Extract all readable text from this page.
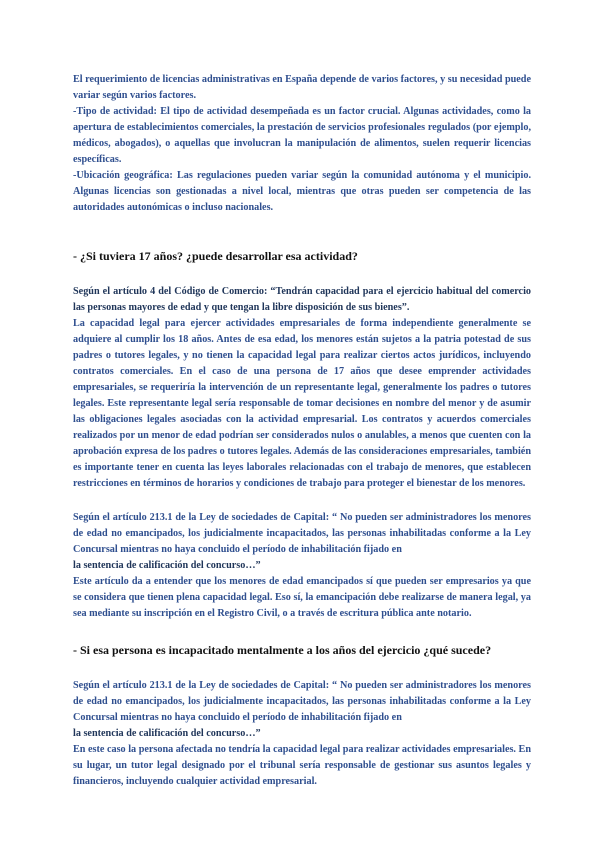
El requerimiento de licencias administrativas en España depende de varios factores, y su necesidad puede variar según varios factores.

-Tipo de actividad: El tipo de actividad desempeñada es un factor crucial. Algunas actividades, como la apertura de establecimientos comerciales, la prestación de servicios profesionales regulados (por ejemplo, médicos, abogados), o aquellas que involucran la manipulación de alimentos, suelen requerir licencias específicas.

-Ubicación geográfica: Las regulaciones pueden variar según la comunidad autónoma y el municipio. Algunas licencias son gestionadas a nivel local, mientras que otras pueden ser competencia de las autoridades autonómicas o incluso nacionales.

- ¿Si tuviera 17 años? ¿puede desarrollar esa actividad?

Según el artículo 4 del Código de Comercio: “Tendrán capacidad para el ejercicio habitual del comercio las personas mayores de edad y que tengan la libre disposición de sus bienes”.

La capacidad legal para ejercer actividades empresariales de forma independiente generalmente se adquiere al cumplir los 18 años. Antes de esa edad, los menores están sujetos a la patria potestad de sus padres o tutores legales, y no tienen la capacidad legal para realizar ciertos actos jurídicos, incluyendo contratos comerciales. En el caso de una persona de 17 años que desee emprender actividades empresariales, se requeriría la intervención de un representante legal, generalmente los padres o tutores legales. Este representante legal sería responsable de tomar decisiones en nombre del menor y de asumir las obligaciones legales asociadas con la actividad empresarial. Los contratos y acuerdos comerciales realizados por un menor de edad podrían ser considerados nulos o anulables, a menos que cuenten con la aprobación expresa de los padres o tutores legales. Además de las consideraciones empresariales, también es importante tener en cuenta las leyes laborales relacionadas con el trabajo de menores, que establecen restricciones en términos de horarios y condiciones de trabajo para proteger el bienestar de los menores.

Según el artículo 213.1 de la Ley de sociedades de Capital: “ No pueden ser administradores los menores de edad no emancipados, los judicialmente incapacitados, las personas inhabilitadas conforme a la Ley Concursal mientras no haya concluido el período de inhabilitación fijado en

la sentencia de calificación del concurso…”

Este artículo da a entender que los menores de edad emancipados sí que pueden ser empresarios ya que se considera que tienen plena capacidad legal. Eso sí, la emancipación debe realizarse de manera legal, ya sea mediante su inscripción en el Registro Civil, o a través de escritura pública ante notario.

- Si esa persona es incapacitado mentalmente a los años del ejercicio ¿qué sucede?

Según el artículo 213.1 de la Ley de sociedades de Capital: “ No pueden ser administradores los menores de edad no emancipados, los judicialmente incapacitados, las personas inhabilitadas conforme a la Ley Concursal mientras no haya concluido el período de inhabilitación fijado en

la sentencia de calificación del concurso…”

En este caso la persona afectada no tendría la capacidad legal para realizar actividades empresariales. En su lugar, un tutor legal designado por el tribunal sería responsable de gestionar sus asuntos legales y financieros, incluyendo cualquier actividad empresarial.
